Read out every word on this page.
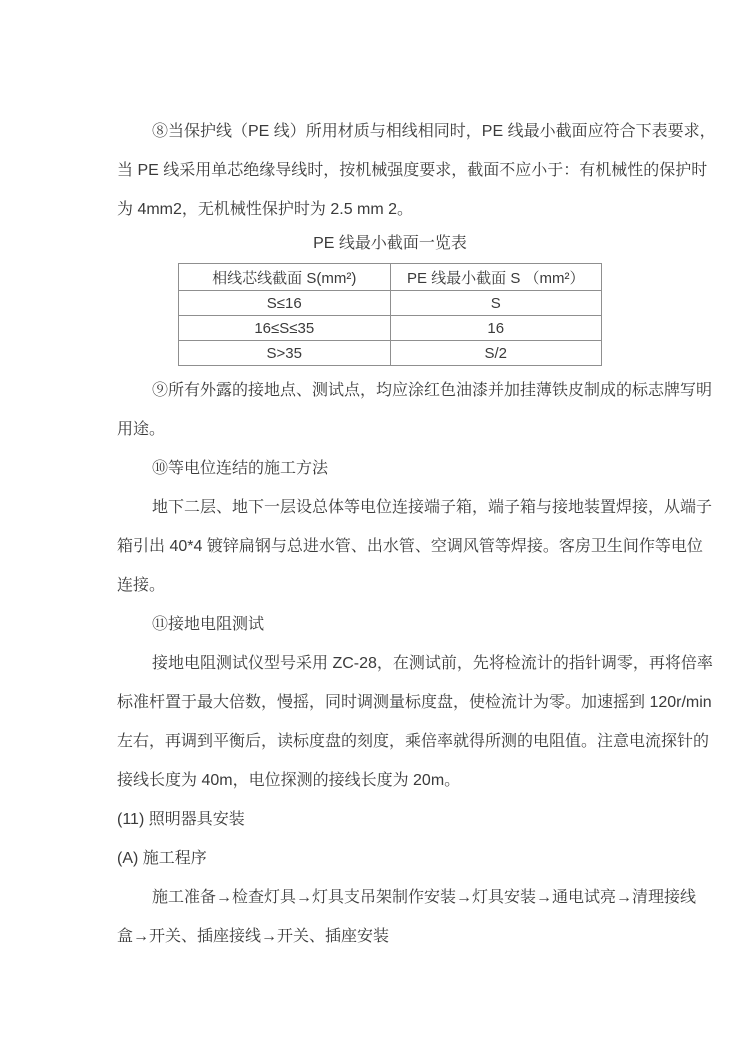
⑧当保护线（PE 线）所用材质与相线相同时，PE 线最小截面应符合下表要求，
当 PE 线采用单芯绝缘导线时，按机械强度要求，截面不应小于：有机械性的保护时
为 4mm2，无机械性保护时为 2.5 mm 2。
PE 线最小截面一览表
相线芯线截面 S(mm²)	PE 线最小截面 S （mm²）
S≤16	S
16≤S≤35	16
S>35	S/2
⑨所有外露的接地点、测试点，均应涂红色油漆并加挂薄铁皮制成的标志牌写明
用途。
⑩等电位连结的施工方法
地下二层、地下一层设总体等电位连接端子箱，端子箱与接地装置焊接，从端子
箱引出 40*4 镀锌扁钢与总进水管、出水管、空调风管等焊接。客房卫生间作等电位
连接。
⑪接地电阻测试
接地电阻测试仪型号采用 ZC-28，在测试前，先将检流计的指针调零，再将倍率
标准杆置于最大倍数，慢摇，同时调测量标度盘，使检流计为零。加速摇到 120r/min
左右，再调到平衡后，读标度盘的刻度，乘倍率就得所测的电阻值。注意电流探针的
接线长度为 40m，电位探测的接线长度为 20m。
(11) 照明器具安装
(A) 施工程序
施工准备→检查灯具→灯具支吊架制作安装→灯具安装→通电试亮→清理接线
盒→开关、插座接线→开关、插座安装
